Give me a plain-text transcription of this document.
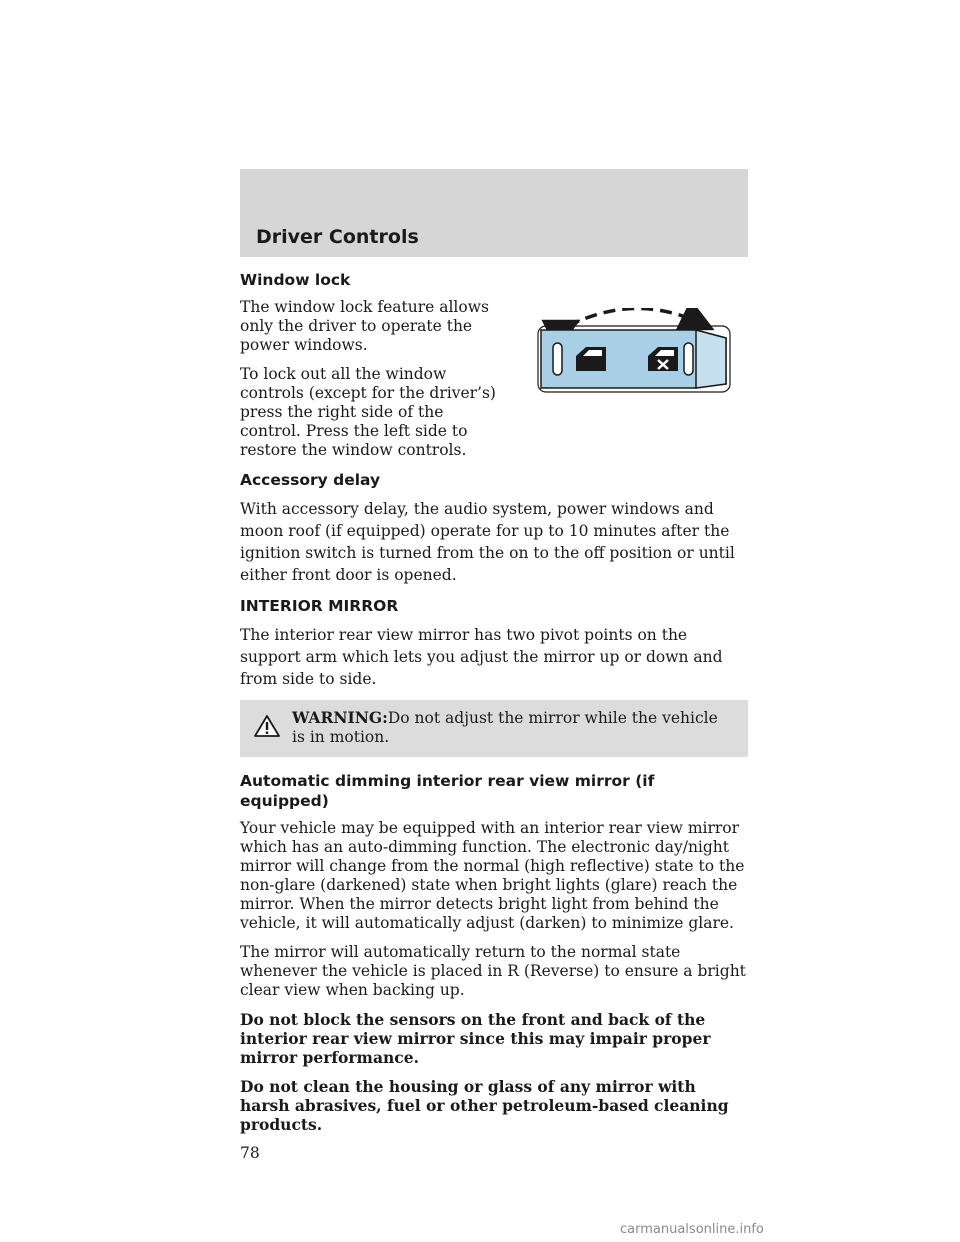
Driver Controls
Window lock

The window lock feature allows only the driver to operate the power windows.

To lock out all the window controls (except for the driver’s) press the right side of the control. Press the left side to restore the window controls.

Accessory delay

With accessory delay, the audio system, power windows and moon roof (if equipped) operate for up to 10 minutes after the ignition switch is turned from the on to the off position or until either front door is opened.

INTERIOR MIRROR

The interior rear view mirror has two pivot points on the support arm which lets you adjust the mirror up or down and from side to side.

WARNING:Do not adjust the mirror while the vehicle is in motion.

Automatic dimming interior rear view mirror (if equipped)

Your vehicle may be equipped with an interior rear view mirror which has an auto-dimming function. The electronic day/night mirror will change from the normal (high reflective) state to the non-glare (darkened) state when bright lights (glare) reach the mirror. When the mirror detects bright light from behind the vehicle, it will automatically adjust (darken) to minimize glare.

The mirror will automatically return to the normal state whenever the vehicle is placed in R (Reverse) to ensure a bright clear view when backing up.

Do not block the sensors on the front and back of the interior rear view mirror since this may impair proper mirror performance.

Do not clean the housing or glass of any mirror with harsh abrasives, fuel or other petroleum-based cleaning products.

78

carmanualsonline.info
